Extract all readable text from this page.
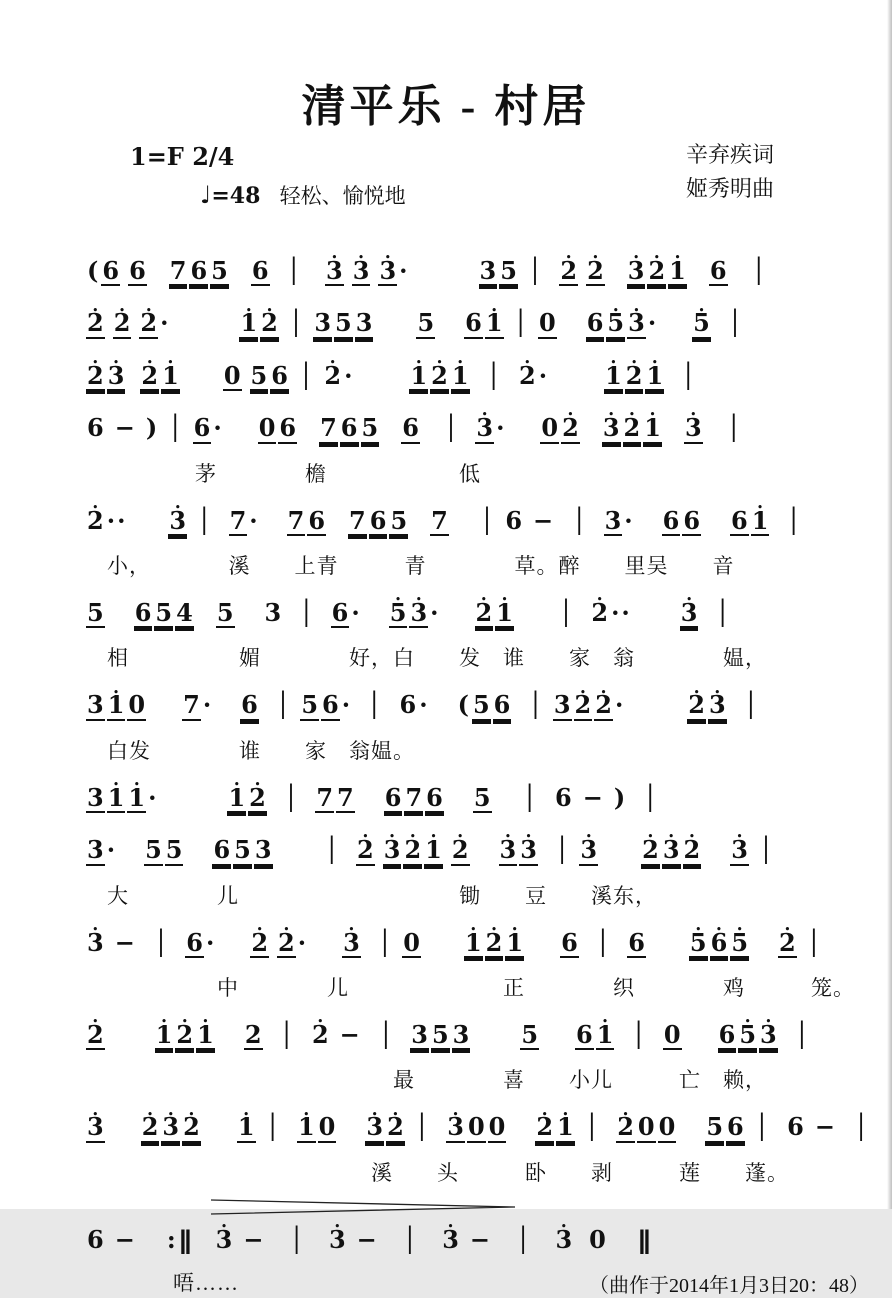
清平乐 - 村居
1=F 2/4	辛弃疾词
姬秀明曲
♩=48 轻松、愉悦地
( 6 6 7 6 5 6 │ • 3 • 3 • 3 ·	3 5 │ • 2 • 2 • 3 • 2 • 1 6 │
• 2 • 2 • 2 ·	• 1 • 2 │ 3 5 3 5 6 • 1 │ 0 6 • 5 • 3 · • 5 │
• 2 • 3 • 2 • 1 0 5 6 │ • 2 · • 1 • 2 • 1 │ • 2 · • 1 • 2 • 1 │
6 − ) │ 6 · 0 6 7 6 5 6 │ • 3 · 0 • 2 • 3 • 2 • 1 • 3 │
　　　　　茅　　　　檐　　　　　　低
• 2 ·· • 3 │ 7 · 7 6 7 6 5 7 │ 6 − │ 3 · 6 6 6 • 1 │
　小，　　　　溪　　上青　　　青　　　　草。醉　　里吴　　音
5 6 5 4 5 3 │ 6 · • 5 • 3 · • 2 • 1 │ • 2 ·· • 3 │
　相　　　　　媚　　　　好，白　　发　谁　　家　翁　　　　媪，
3 • 1 0 7 · 6 │ 5 6 · │ 6 · ( 5 6 │ 3 • 2 • 2 ·	• 2 • 3 │
　白发　　　　谁　　家　翁媪。
3 • 1 • 1 ·	• 1 • 2 │ 7 7 6 7 6 5 │ 6 − ) │
3 · 5 5 6 5 3 │ • 2 • 3 • 2 • 1 • 2 • 3 • 3 │ • 3 • 2 • 3 • 2 • 3 │
　大　　　　儿　　　　　　　　　　锄　　豆　　溪东，
• 3 − │ 6 · • 2 • 2 · • 3 │ 0 • 1 • 2 • 1 6 │ 6 • 5 • 6 • 5 • 2 │
　　　　　　中　　　　儿　　　　　　　正　　　　织　　　　鸡　　　笼。
• 2 • 1 • 2 • 1 2 │ • 2 − │ 3 5 3 5 6 • 1 │ 0 6 • 5 • 3 │
　　　　　　　　　　　　　　最　　　　喜　　小儿　　　亡　赖，
• 3 • 2 • 3 • 2 • 1 │ • 1 0 • 3 • 2 │ • 3 0 0 • 2 • 1 │ • 2 0 0 5 6 │ 6 − │
　　　　　　　　　　　　　溪　　头　　　卧　　剥　　　莲　　蓬。
6 − : ‖ • 3 − │ • 3 − │ • 3 − │ • 3 0 ‖
　　　　唔……	（曲作于2014年1月3日20：48）
